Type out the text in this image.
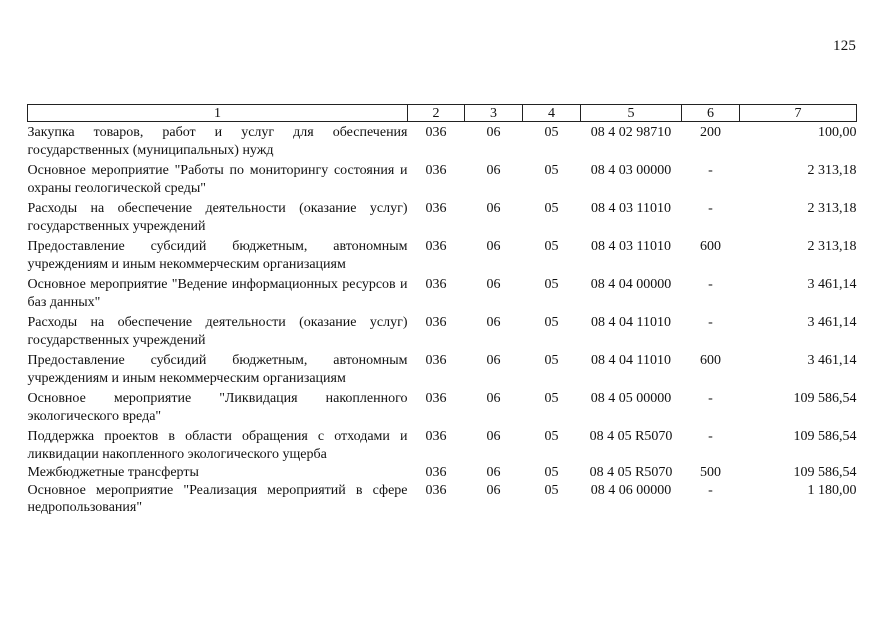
125
1	2	3	4	5	6	7
Закупка товаров, работ и услуг для обеспечения государственных (муниципальных) нужд	036	06	05	08 4 02 98710	200	100,00
Основное мероприятие "Работы по мониторингу состояния и охраны геологической среды"	036	06	05	08 4 03 00000	-	2 313,18
Расходы на обеспечение деятельности (оказание услуг) государственных учреждений	036	06	05	08 4 03 11010	-	2 313,18
Предоставление субсидий бюджетным, автономным учреждениям и иным некоммерческим организациям	036	06	05	08 4 03 11010	600	2 313,18
Основное мероприятие "Ведение информационных ресурсов и баз данных"	036	06	05	08 4 04 00000	-	3 461,14
Расходы на обеспечение деятельности (оказание услуг) государственных учреждений	036	06	05	08 4 04 11010	-	3 461,14
Предоставление субсидий бюджетным, автономным учреждениям и иным некоммерческим организациям	036	06	05	08 4 04 11010	600	3 461,14
Основное мероприятие "Ликвидация накопленного экологического вреда"	036	06	05	08 4 05 00000	-	109 586,54
Поддержка проектов в области обращения с отходами и ликвидации накопленного экологического ущерба	036	06	05	08 4 05 R5070	-	109 586,54
Межбюджетные трансферты	036	06	05	08 4 05 R5070	500	109 586,54
Основное мероприятие "Реализация мероприятий в сфере недропользования"	036	06	05	08 4 06 00000	-	1 180,00
